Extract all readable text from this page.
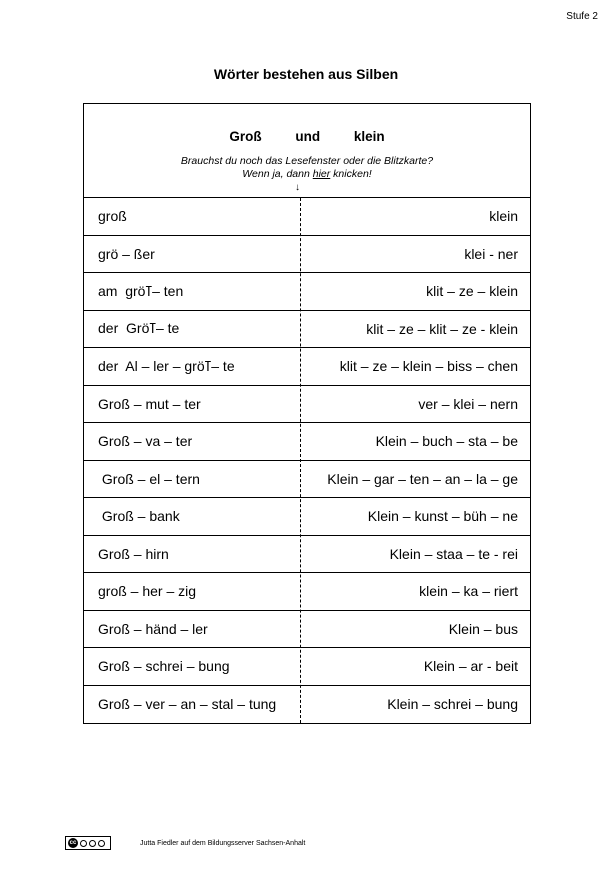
Stufe 2
Wörter bestehen aus Silben
Groß	und	klein
Brauchst du noch das Lesefenster oder die Blitzkarte?
Wenn ja, dann hier knicken!
↓
groß	klein
grö – ßer	klei - ner
am  gröߠ– ten	klit – ze – klein
der  Gröߠ– te	klit – ze – klit – ze - klein
der  Al – ler – gröߠ– te	klit – ze – klein – biss – chen
Groß – mut – ter	ver – klei – nern
Groß – va – ter	Klein – buch – sta – be
Groß – el – tern	Klein – gar – ten – an – la – ge
Groß – bank	Klein – kunst – büh – ne
Groß – hirn	Klein – staa – te - rei
groß – her – zig	klein – ka – riert
Groß – händ – ler	Klein – bus
Groß – schrei – bung	Klein – ar - beit
Groß – ver – an – stal – tung	Klein – schrei – bung
cc	Jutta Fiedler auf dem Bildungsserver Sachsen-Anhalt
